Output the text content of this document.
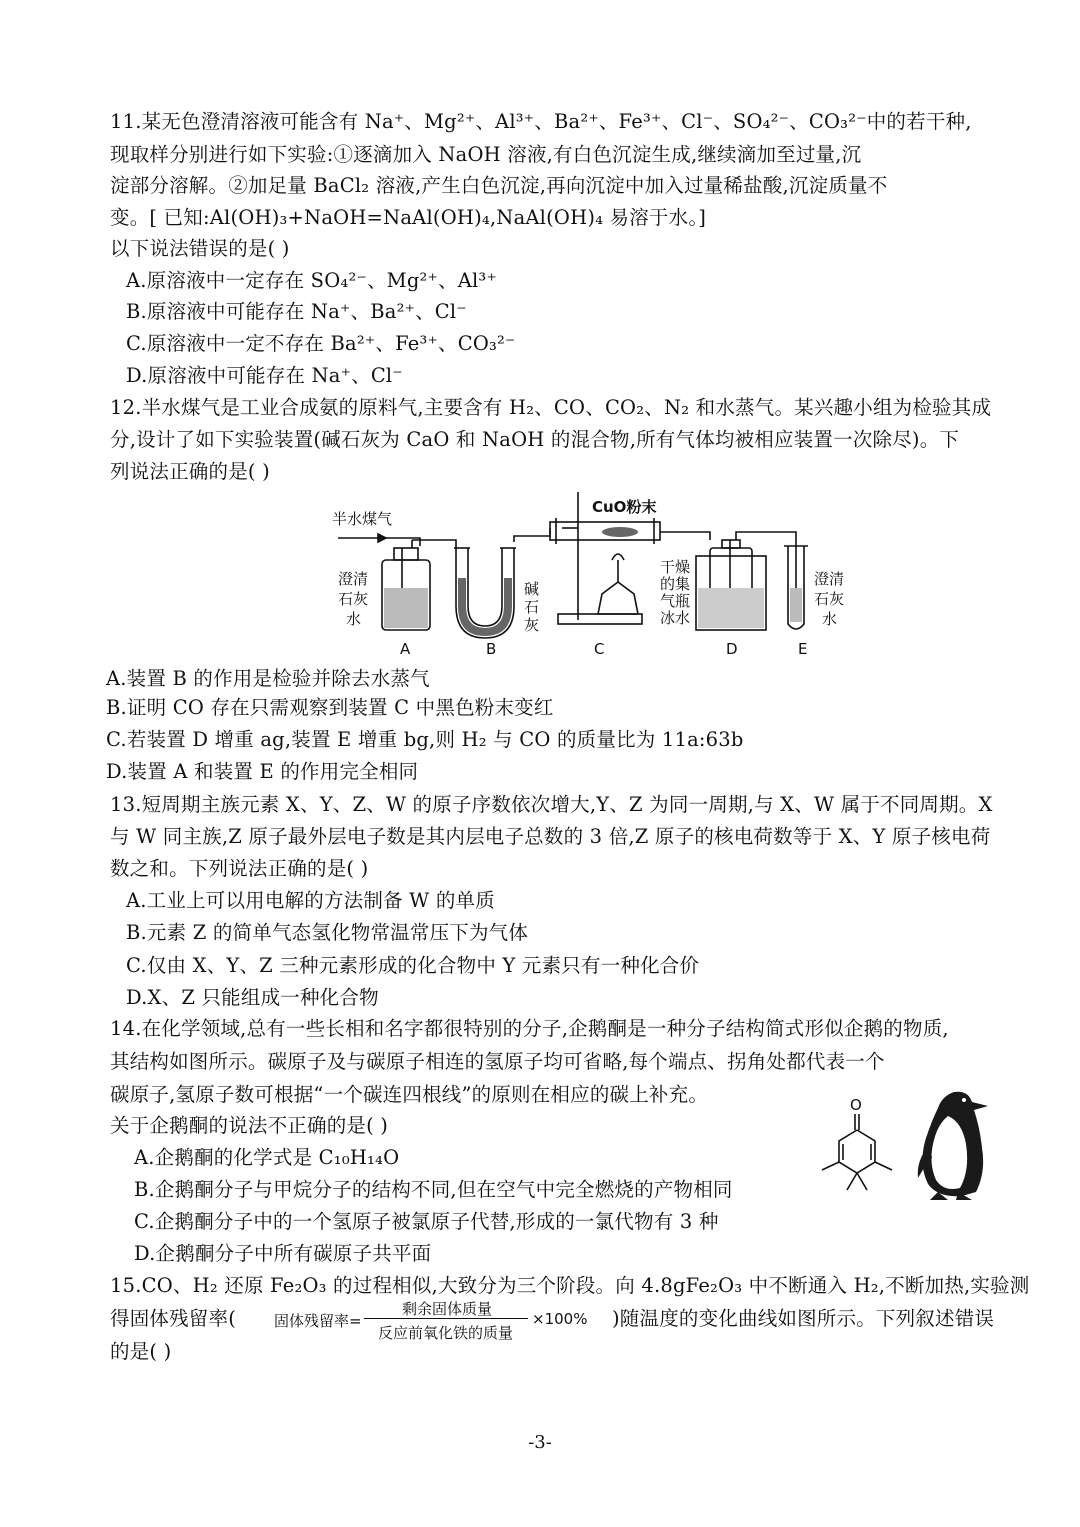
11.某无色澄清溶液可能含有 Na⁺、Mg²⁺、Al³⁺、Ba²⁺、Fe³⁺、Cl⁻、SO₄²⁻、CO₃²⁻中的若干种,
现取样分别进行如下实验:①逐滴加入 NaOH 溶液,有白色沉淀生成,继续滴加至过量,沉
淀部分溶解。②加足量 BaCl₂ 溶液,产生白色沉淀,再向沉淀中加入过量稀盐酸,沉淀质量不
变。[ 已知:Al(OH)₃+NaOH=NaAl(OH)₄,NaAl(OH)₄ 易溶于水。]
以下说法错误的是( )
A.原溶液中一定存在 SO₄²⁻、Mg²⁺、Al³⁺
B.原溶液中可能存在 Na⁺、Ba²⁺、Cl⁻
C.原溶液中一定不存在 Ba²⁺、Fe³⁺、CO₃²⁻
D.原溶液中可能存在 Na⁺、Cl⁻
12.半水煤气是工业合成氨的原料气,主要含有 H₂、CO、CO₂、N₂ 和水蒸气。某兴趣小组为检验其成
分,设计了如下实验装置(碱石灰为 CaO 和 NaOH 的混合物,所有气体均被相应装置一次除尽)。下
列说法正确的是( )
半水煤气
CuO粉末
澄清
石灰
水
碱
石
灰
干燥
的集
气瓶
冰水
澄清
石灰
水
A	B	C	D	E
A.装置 B 的作用是检验并除去水蒸气
B.证明 CO 存在只需观察到装置 C 中黑色粉末变红
C.若装置 D 增重 ag,装置 E 增重 bg,则 H₂ 与 CO 的质量比为 11a:63b
D.装置 A 和装置 E 的作用完全相同
13.短周期主族元素 X、Y、Z、W 的原子序数依次增大,Y、Z 为同一周期,与 X、W 属于不同周期。X
与 W 同主族,Z 原子最外层电子数是其内层电子总数的 3 倍,Z 原子的核电荷数等于 X、Y 原子核电荷
数之和。下列说法正确的是( )
A.工业上可以用电解的方法制备 W 的单质
B.元素 Z 的简单气态氢化物常温常压下为气体
C.仅由 X、Y、Z 三种元素形成的化合物中 Y 元素只有一种化合价
D.X、Z 只能组成一种化合物
14.在化学领域,总有一些长相和名字都很特别的分子,企鹅酮是一种分子结构简式形似企鹅的物质,
其结构如图所示。碳原子及与碳原子相连的氢原子均可省略,每个端点、拐角处都代表一个
碳原子,氢原子数可根据“一个碳连四根线”的原则在相应的碳上补充。
关于企鹅酮的说法不正确的是( )
A.企鹅酮的化学式是 C₁₀H₁₄O
B.企鹅酮分子与甲烷分子的结构不同,但在空气中完全燃烧的产物相同
C.企鹅酮分子中的一个氢原子被氯原子代替,形成的一氯代物有 3 种
D.企鹅酮分子中所有碳原子共平面
O
15.CO、H₂ 还原 Fe₂O₃ 的过程相似,大致分为三个阶段。向 4.8gFe₂O₃ 中不断通入 H₂,不断加热,实验测
得固体残留率(	固体残留率=
剩余固体质量
反应前氧化铁的质量
×100% )随温度的变化曲线如图所示。下列叙述错误
的是( )
-3-
